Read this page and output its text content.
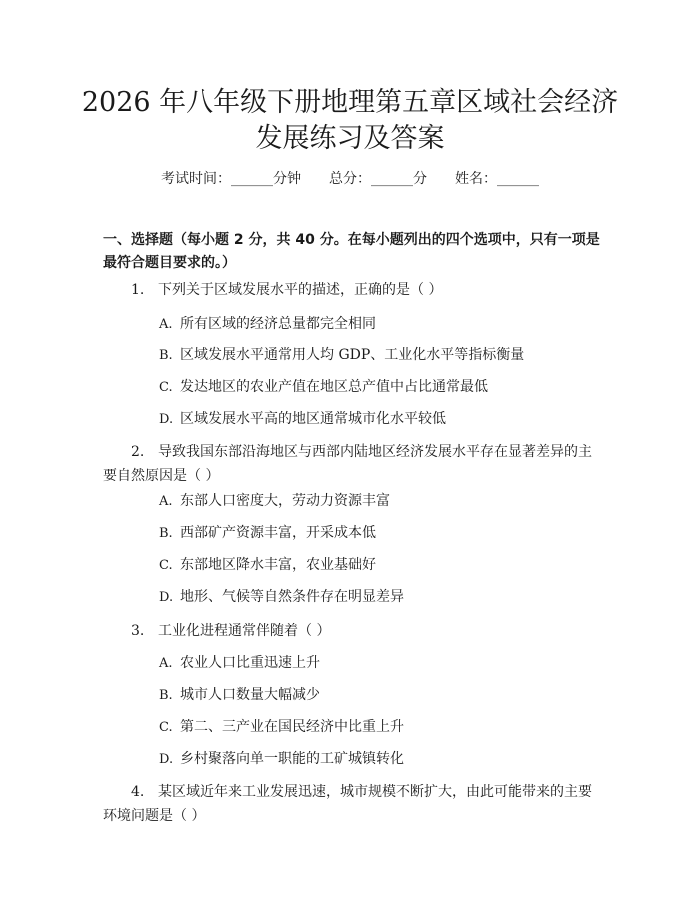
2026 年八年级下册地理第五章区域社会经济
发展练习及答案
考试时间：______分钟 总分：______分 姓名：______
一、选择题（每小题 2 分，共 40 分。在每小题列出的四个选项中，只有一项是最符合题目要求的。）
1. 下列关于区域发展水平的描述，正确的是（ ）
A. 所有区域的经济总量都完全相同
B. 区域发展水平通常用人均 GDP、工业化水平等指标衡量
C. 发达地区的农业产值在地区总产值中占比通常最低
D. 区域发展水平高的地区通常城市化水平较低
2. 导致我国东部沿海地区与西部内陆地区经济发展水平存在显著差异的主要自然原因是（ ）
A. 东部人口密度大，劳动力资源丰富
B. 西部矿产资源丰富，开采成本低
C. 东部地区降水丰富，农业基础好
D. 地形、气候等自然条件存在明显差异
3. 工业化进程通常伴随着（ ）
A. 农业人口比重迅速上升
B. 城市人口数量大幅减少
C. 第二、三产业在国民经济中比重上升
D. 乡村聚落向单一职能的工矿城镇转化
4. 某区域近年来工业发展迅速，城市规模不断扩大，由此可能带来的主要环境问题是（ ）
